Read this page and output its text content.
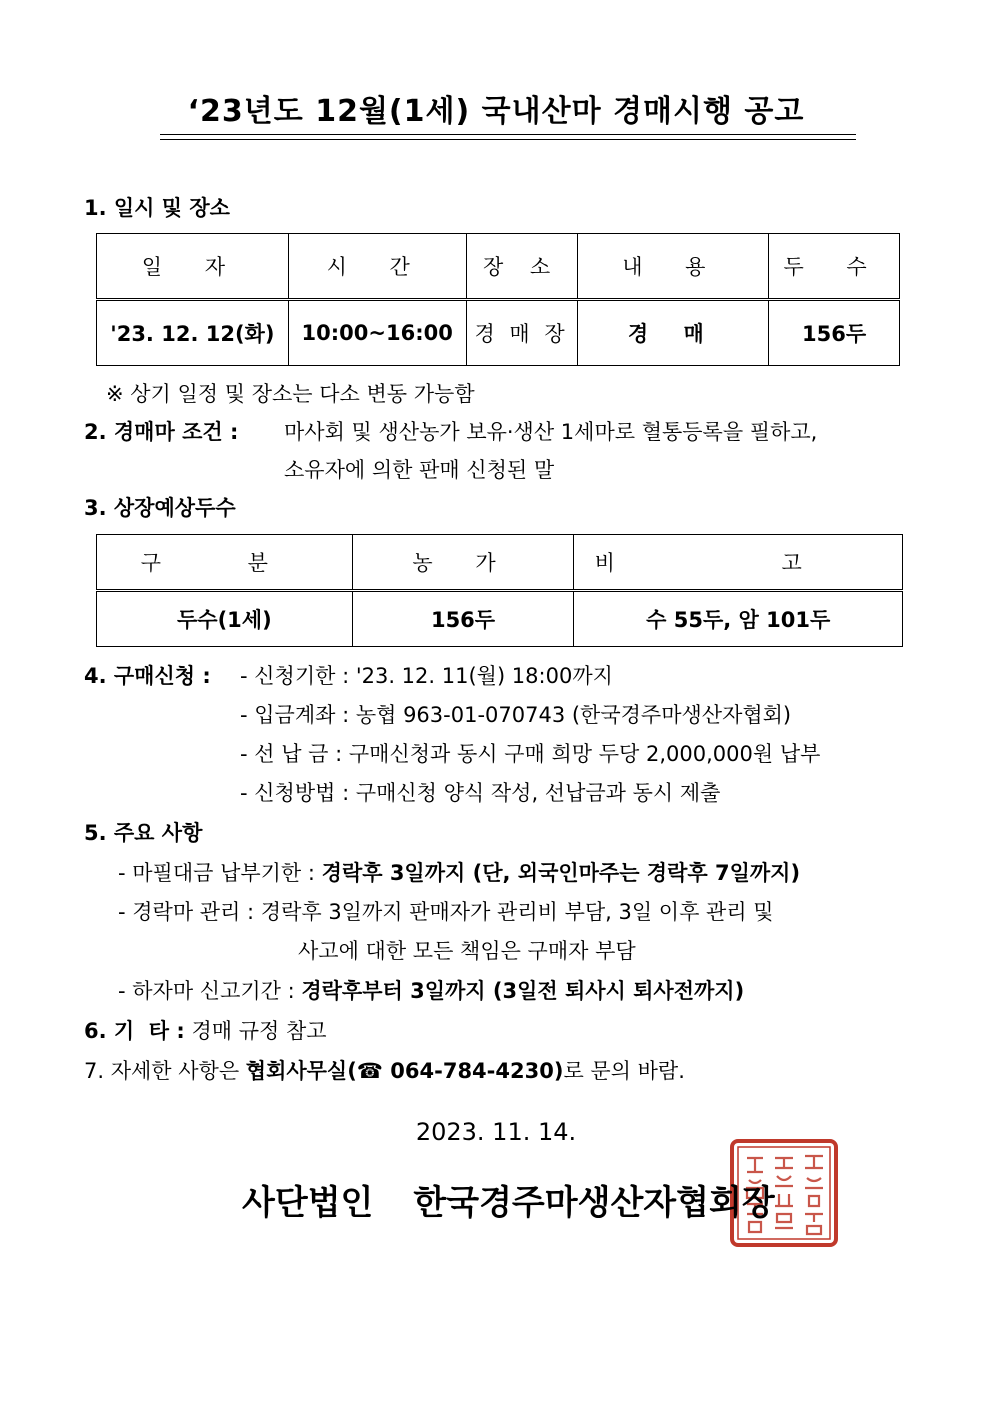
‘23년도 12월(1세) 국내산마 경매시행 공고
1. 일시 및 장소
일 자	시 간	장 소	내 용	두 수
'23. 12. 12(화)	10:00~16:00	경 매 장	경 매	156두
※ 상기 일정 및 장소는 다소 변동 가능함
2. 경매마 조건 : 마사회 및 생산농가 보유·생산 1세마로 혈통등록을 필하고,
소유자에 의한 판매 신청된 말
3. 상장예상두수
구 분	농 가	비 고
두수(1세)	156두	수 55두, 암 101두
4. 구매신청 : - 신청기한 : '23. 12. 11(월) 18:00까지
- 입금계좌 : 농협 963-01-070743 (한국경주마생산자협회)
- 선 납 금 : 구매신청과 동시 구매 희망 두당 2,000,000원 납부
- 신청방법 : 구매신청 양식 작성, 선납금과 동시 제출
5. 주요 사항
- 마필대금 납부기한 : 경락후 3일까지 (단, 외국인마주는 경락후 7일까지)
- 경락마 관리 : 경락후 3일까지 판매자가 관리비 부담, 3일 이후 관리 및
사고에 대한 모든 책임은 구매자 부담
- 하자마 신고기간 : 경락후부터 3일까지 (3일전 퇴사시 퇴사전까지)
6. 기  타 : 경매 규정 참고
7. 자세한 사항은 협회사무실(☎ 064-784-4230)로 문의 바람.
2023. 11. 14.
사단법인 한국경주마생산자협회장
